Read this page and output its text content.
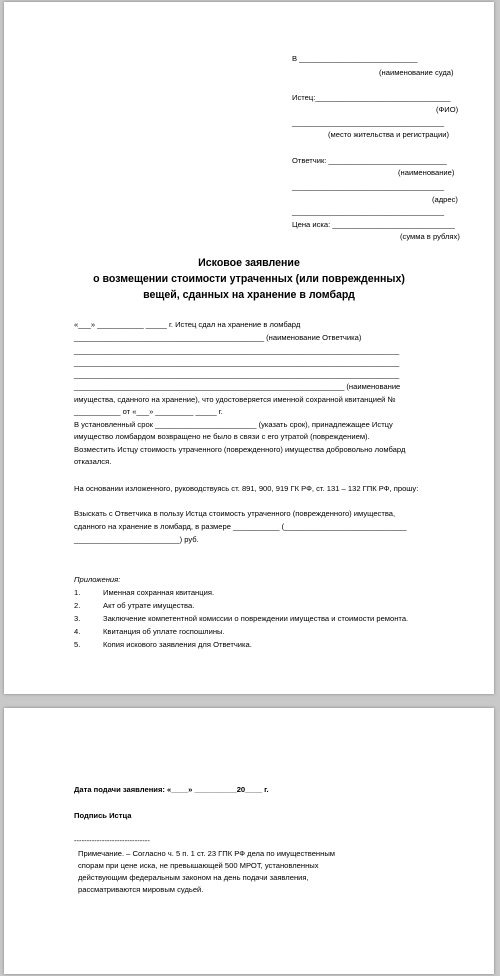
В ____________________________
(наименование суда)
Истец:________________________________
(ФИО)
____________________________________
(место жительства и регистрации)
Ответчик: ____________________________
(наименование)
____________________________________
(адрес)
____________________________________
Цена иска: _____________________________
(сумма в рублях)
Исковое заявление
о возмещении стоимости утраченных (или поврежденных)
вещей, сданных на хранение в ломбард
«___» ___________ _____ г. Истец сдал на хранение в ломбард
_____________________________________________ (наименование Ответчика)
_____________________________________________________________________________
_____________________________________________________________________________
_____________________________________________________________________________
________________________________________________________________ (наименование
имущества, сданного на хранение), что удостоверяется именной сохранной квитанцией №
___________ от «___» _________ _____ г.
В установленный срок ________________________ (указать срок), принадлежащее Истцу
имущество ломбардом возвращено не было в связи с его утратой (повреждением).
Возместить Истцу стоимость утраченного (поврежденного) имущества добровольно ломбард
отказался.
На основании изложенного, руководствуясь ст. 891, 900, 919 ГК РФ, ст. 131 – 132 ГПК РФ, прошу:
Взыскать с Ответчика в пользу Истца стоимость утраченного (поврежденного) имущества,
сданного на хранение в ломбард, в размере ___________ (_____________________________
_________________________) руб.
Приложения:
1.	Именная сохранная квитанция.
2.	Акт об утрате имущества.
3.	Заключение компетентной комиссии о повреждении имущества и стоимости ремонта.
4.	Квитанция об уплате госпошлины.
5.	Копия искового заявления для Ответчика.
Дата подачи заявления: «____» __________20____ г.
Подпись Истца
------------------------------
Примечание. – Согласно ч. 5 п. 1 ст. 23 ГПК РФ дела по имущественным
спорам при цене иска, не превышающей 500 МРОТ, установленных
действующим федеральным законом на день подачи заявления,
рассматриваются мировым судьей.
